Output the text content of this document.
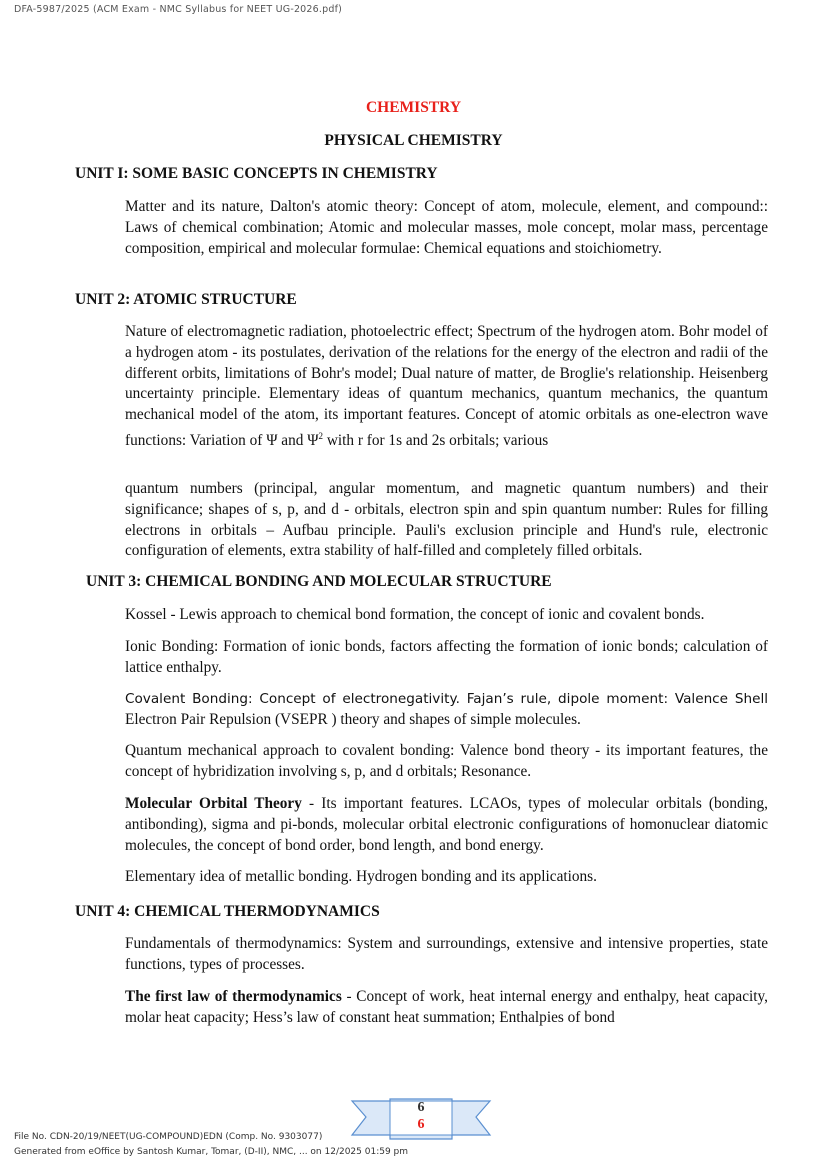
DFA-5987/2025 (ACM Exam - NMC Syllabus for NEET UG-2026.pdf)
CHEMISTRY
PHYSICAL CHEMISTRY
UNIT I: SOME BASIC CONCEPTS IN CHEMISTRY

Matter and its nature, Dalton's atomic theory: Concept of atom, molecule, element, and compound:: Laws of chemical combination; Atomic and molecular masses, mole concept, molar mass, percentage composition, empirical and molecular formulae: Chemical equations and stoichiometry.

UNIT 2: ATOMIC STRUCTURE

Nature of electromagnetic radiation, photoelectric effect; Spectrum of the hydrogen atom. Bohr model of a hydrogen atom - its postulates, derivation of the relations for the energy of the electron and radii of the different orbits, limitations of Bohr's model; Dual nature of matter, de Broglie's relationship. Heisenberg uncertainty principle. Elementary ideas of quantum mechanics, quantum mechanics, the quantum mechanical model of the atom, its important features. Concept of atomic orbitals as one-electron wave functions: Variation of Ψ and $\Psi^2$ with r for 1s and 2s orbitals; various

quantum numbers (principal, angular momentum, and magnetic quantum numbers) and their significance; shapes of s, p, and d - orbitals, electron spin and spin quantum number: Rules for filling electrons in orbitals – Aufbau principle. Pauli's exclusion principle and Hund's rule, electronic configuration of elements, extra stability of half-filled and completely filled orbitals.

UNIT 3: CHEMICAL BONDING AND MOLECULAR STRUCTURE

Kossel - Lewis approach to chemical bond formation, the concept of ionic and covalent bonds.

Ionic Bonding: Formation of ionic bonds, factors affecting the formation of ionic bonds; calculation of lattice enthalpy.

Covalent Bonding: Concept of electronegativity. Fajan’s rule, dipole moment: Valence Shell Electron Pair Repulsion (VSEPR ) theory and shapes of simple molecules.

Quantum mechanical approach to covalent bonding: Valence bond theory - its important features, the concept of hybridization involving s, p, and d orbitals; Resonance.

Molecular Orbital Theory - Its important features. LCAOs, types of molecular orbitals (bonding, antibonding), sigma and pi-bonds, molecular orbital electronic configurations of homonuclear diatomic molecules, the concept of bond order, bond length, and bond energy.

Elementary idea of metallic bonding. Hydrogen bonding and its applications.

UNIT 4: CHEMICAL THERMODYNAMICS

Fundamentals of thermodynamics: System and surroundings, extensive and intensive properties, state functions, types of processes.

The first law of thermodynamics - Concept of work, heat internal energy and enthalpy, heat capacity, molar heat capacity; Hess’s law of constant heat summation; Enthalpies of bond

6
6
File No. CDN-20/19/NEET(UG-COMPOUND)EDN (Comp. No. 9303077)
Generated from eOffice by Santosh Kumar, Tomar, (D-II), NMC, ... on 12/2025 01:59 pm
